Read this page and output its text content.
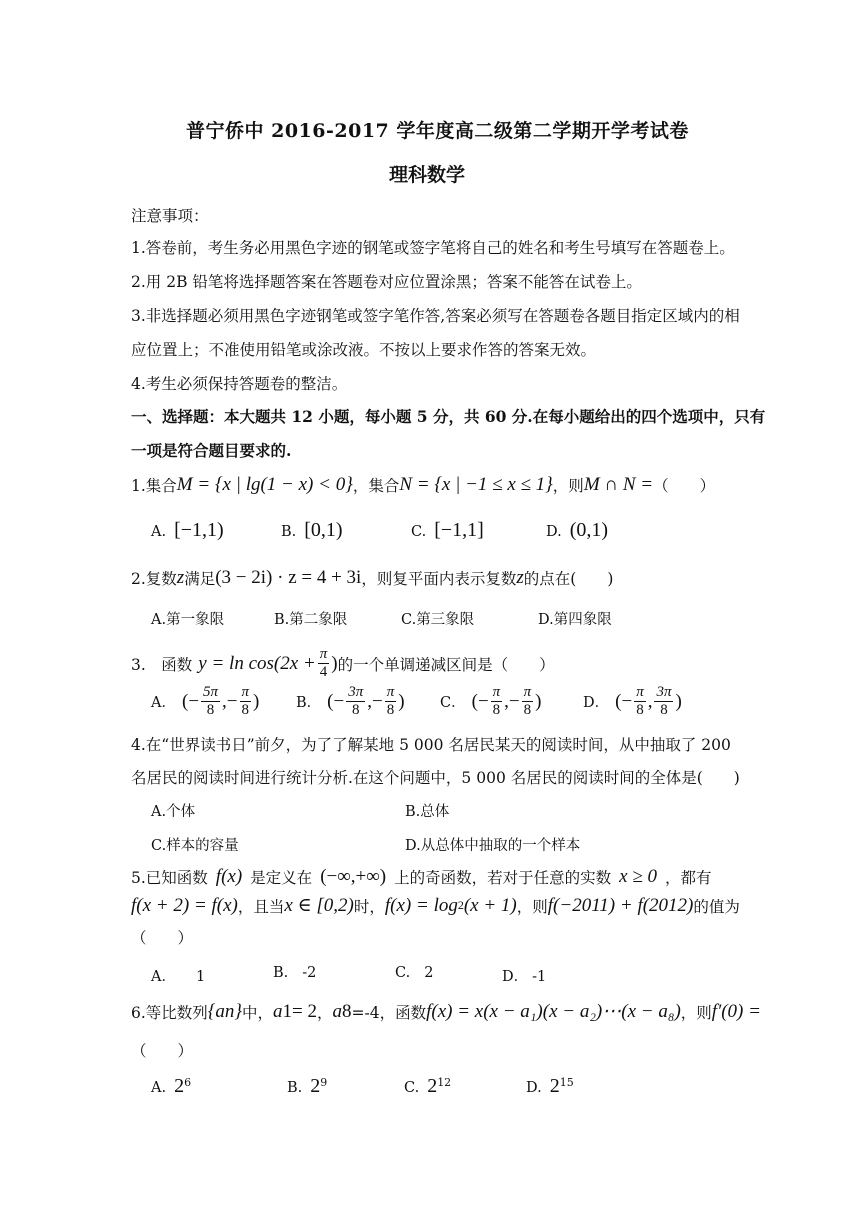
普宁侨中 2016-2017 学年度高二级第二学期开学考试卷
理科数学
注意事项：
1.答卷前，考生务必用黑色字迹的钢笔或签字笔将自己的姓名和考生号填写在答题卷上。
2.用 2B 铅笔将选择题答案在答题卷对应位置涂黑；答案不能答在试卷上。
3.非选择题必须用黑色字迹钢笔或签字笔作答,答案必须写在答题卷各题目指定区域内的相
应位置上；不准使用铅笔或涂改液。不按以上要求作答的答案无效。
4.考生必须保持答题卷的整洁。
一、选择题：本大题共 12 小题，每小题 5 分，共 60 分.在每小题给出的四个选项中，只有
一项是符合题目要求的.
1.集合 M = {x | lg(1 − x) < 0} ，集合 N = {x | −1 ≤ x ≤ 1} ，则 M ∩ N = （　　）
A. [−1,1)	B. [0,1)	C. [−1,1]	D. (0,1)
2.复数 z 满足 (3 − 2i) · z = 4 + 3i ，则复平面内表示复数 z 的点在(　　)
A.第一象限	B.第二象限	C.第三象限	D.第四象限
3.　函数 $y = \ln \cos(2x + \frac{\pi}{4}$ ) 的一个单调递减区间是（　　）
A． ( − $\frac{5\pi}{8}$ , − $\frac{\pi}{8}$ )	B． ( − $\frac{3\pi}{8}$ , − $\frac{\pi}{8}$ ) C． ( − $\frac{\pi}{8}$ , − $\frac{\pi}{8}$ )	D． ( − $\frac{\pi}{8}$ , $\frac{3\pi}{8}$ )
4.在“世界读书日”前夕，为了了解某地 5 000 名居民某天的阅读时间，从中抽取了 200
名居民的阅读时间进行统计分析.在这个问题中，5 000 名居民的阅读时间的全体是(　　)
A.个体	B.总体
C.样本的容量	D.从总体中抽取的一个样本
5.已知函数 f(x) 是定义在 (−∞,+∞) 上的奇函数，若对于任意的实数 x ≥ 0 ，都有
f(x + 2) = f(x) ，且当 x ∈ [0,2) 时， f(x) = log 2 (x + 1) ，则 f(−2011) + f(2012) 的值为
（　　）
A． 1	B. -2	C. 2	D． -1
6.等比数列 {a n } 中， a 1 = 2 ， a 8 =-4，函数 f(x) = x(x − a₁)(x − a₂)⋯(x − a₈) ，则 f′(0) =
（　　）
A. $2^6$	B. $2^9$	C. $2^{12}$	D. $2^{15}$
